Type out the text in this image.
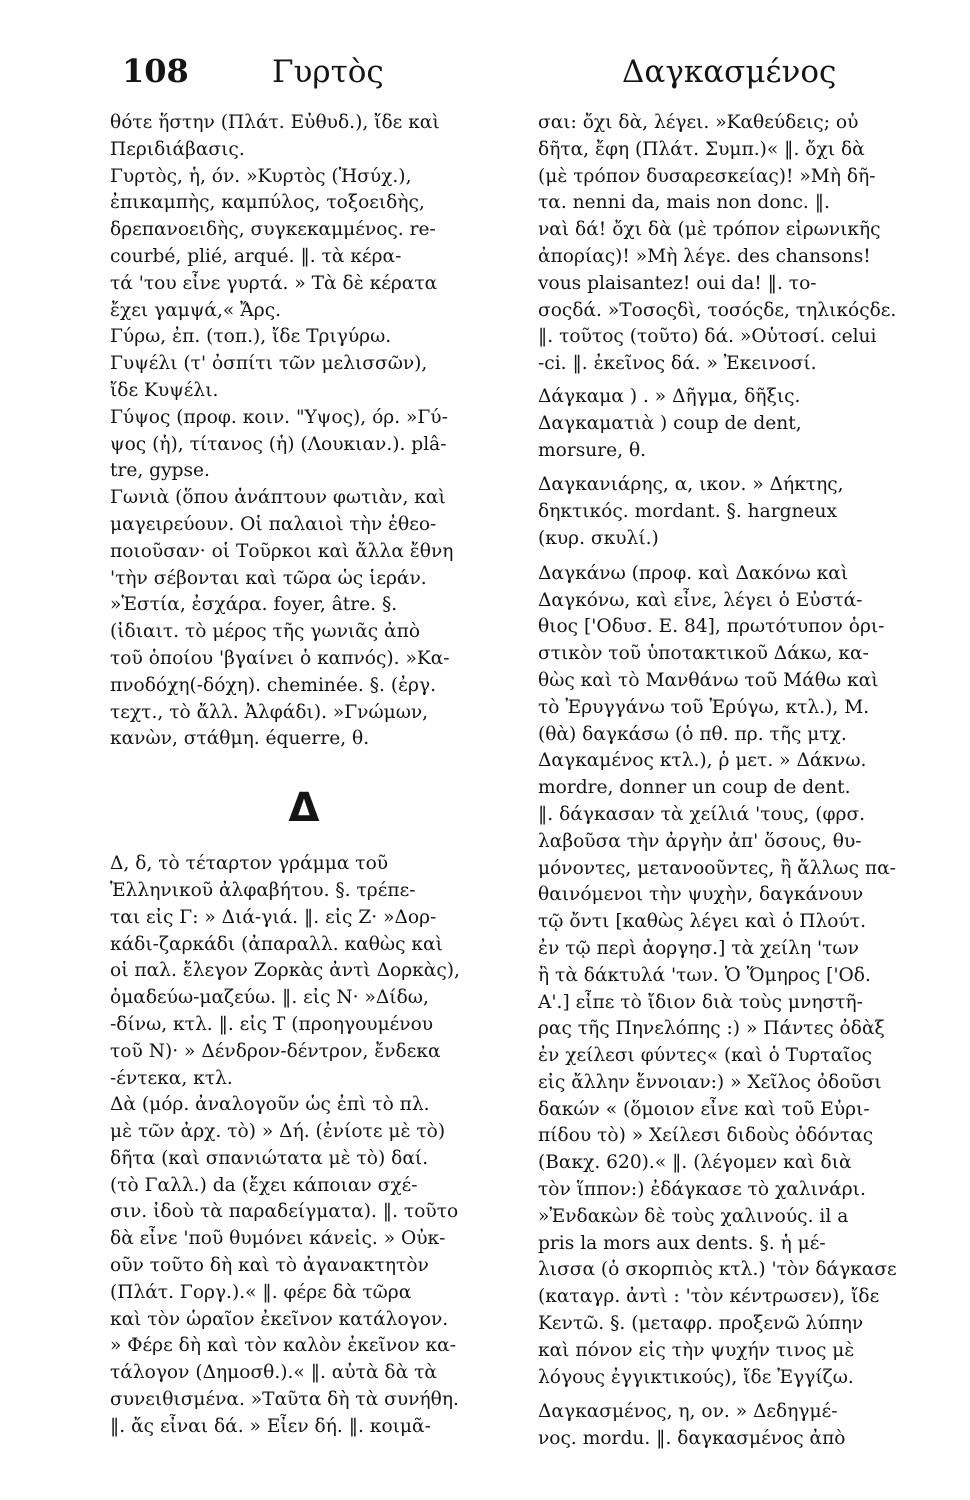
108	Γυρτὸς	Δαγκασμένος
θότε ἥστην (Πλάτ. Εὐθυδ.), ἴδε καὶ
Περιδιάβασις.
Γυρτὸς, ἡ, όν. »Κυρτὸς (Ἡσύχ.),
ἐπικαμπὴς, καμπύλος, τοξοειδὴς,
δρεπανοειδὴς, συγκεκαμμένος. re-
courbé, plié, arqué. ‖. τὰ κέρα-
τά 'του εἶνε γυρτά. » Τὰ δὲ κέρατα
ἔχει γαμψά,« Ἄρς.
Γύρω, ἐπ. (τοπ.), ἴδε Τριγύρω.
Γυψέλι (τ' ὀσπίτι τῶν μελισσῶν),
ἴδε Κυψέλι.
Γύψος (προφ. κοιν. "Υψος), όρ. »Γύ-
ψος (ἡ), τίτανος (ἡ) (Λουκιαν.). plâ-
tre, gypse.
Γωνιὰ (ὅπου ἀνάπτουν φωτιὰν, καὶ
μαγειρεύουν. Οἱ παλαιοὶ τὴν ἐθεο-
ποιοῦσαν· οἱ Τοῦρκοι καὶ ἄλλα ἔθνη
'τὴν σέβονται καὶ τῶρα ὡς ἱεράν.
»Ἑστία, ἐσχάρα. foyer, âtre. §.
(ἰδιαιτ. τὸ μέρος τῆς γωνιᾶς ἀπὸ
τοῦ ὁποίου 'βγαίνει ὁ καπνός). »Κα-
πνοδόχη(-δόχη). cheminée. §. (ἐργ.
τεχτ., τὸ ἄλλ. Ἀλφάδι). »Γνώμων,
κανὼν, στάθμη. équerre, θ.
Δ
Δ, δ, τὸ τέταρτον γράμμα τοῦ
Ἑλληνικοῦ ἀλφαβήτου. §. τρέπε-
ται εἰς Γ: » Διά-γιά. ‖. εἰς Ζ· »Δορ-
κάδι-ζαρκάδι (ἀπαραλλ. καθὼς καὶ
οἱ παλ. ἔλεγον Ζορκὰς ἀντὶ Δορκὰς),
ὁμαδεύω-μαζεύω. ‖. εἰς Ν· »Δίδω,
-δίνω, κτλ. ‖. εἰς Τ (προηγουμένου
τοῦ Ν)· » Δένδρον-δέντρον, ἔνδεκα
-έντεκα, κτλ.
Δὰ (μόρ. ἀναλογοῦν ὡς ἐπὶ τὸ πλ.
μὲ τῶν ἀρχ. τὸ) » Δή. (ἐνίοτε μὲ τὸ)
δῆτα (καὶ σπανιώτατα μὲ τὸ) δαί.
(τὸ Γαλλ.) da (ἔχει κάποιαν σχέ-
σιν. ἰδοὺ τὰ παραδείγματα). ‖. τοῦτο
δὰ εἶνε 'ποῦ θυμόνει κάνεἰς. » Οὐκ-
οῦν τοῦτο δὴ καὶ τὸ ἀγανακτητὸν
(Πλάτ. Γοργ.).« ‖. φέρε δὰ τῶρα
καὶ τὸν ὡραῖον ἐκεῖνον κατάλογον.
» Φέρε δὴ καὶ τὸν καλὸν ἐκεῖνον κα-
τάλογον (Δημοσθ.).« ‖. αὐτὰ δὰ τὰ
συνειθισμένα. »Ταῦτα δὴ τὰ συνήθη.
‖. ἄς εἶναι δά. » Εἶεν δή. ‖. κοιμᾶ-
σαι: ὄχι δὰ, λέγει. »Καθεύδεις; οὐ
δῆτα, ἔφη (Πλάτ. Συμπ.)« ‖. ὄχι δὰ
(μὲ τρόπον δυσαρεσκείας)! »Μὴ δῆ-
τα. nenni da, mais non donc. ‖.
ναὶ δά! ὄχι δὰ (μὲ τρόπον εἰρωνικῆς
ἀπορίας)! »Μὴ λέγε. des chansons!
vous plaisantez! oui da! ‖. το-
σοςδά. »Τοσοςδὶ, τοσόςδε, τηλικόςδε.
‖. τοῦτος (τοῦτο) δά. »Οὑτοσί. celui
-ci. ‖. ἐκεῖνος δά. » Ἐκεινοσί.
Δάγκαμα ) . » Δῆγμα, δῆξις.
Δαγκαματιὰ ) coup de dent,
morsure, θ.
Δαγκανιάρης, α, ικον. » Δήκτης,
δηκτικός. mordant. §. hargneux
(κυρ. σκυλί.)
Δαγκάνω (προφ. καὶ Δακόνω καὶ
Δαγκόνω, καὶ εἶνε, λέγει ὁ Εὐστά-
θιος ['Οδυσ. Ε. 84], πρωτότυπον ὁρι-
στικὸν τοῦ ὑποτακτικοῦ Δάκω, κα-
θὼς καὶ τὸ Μανθάνω τοῦ Μάθω καὶ
τὸ Ἐρυγγάνω τοῦ Ἐρύγω, κτλ.), Μ.
(θὰ) δαγκάσω (ὁ πθ. πρ. τῆς μτχ.
Δαγκαμένος κτλ.), ῥ μετ. » Δάκνω.
mordre, donner un coup de dent.
‖. δάγκασαν τὰ χείλιά 'τους, (φρσ.
λαβοῦσα τὴν ἀργὴν ἀπ' ὅσους, θυ-
μόνοντες, μετανοοῦντες, ἢ ἄλλως πα-
θαινόμενοι τὴν ψυχὴν, δαγκάνουν
τῷ ὄντι [καθὼς λέγει καὶ ὁ Πλούτ.
ἐν τῷ περὶ ἀοργησ.] τὰ χείλη 'των
ἢ τὰ δάκτυλά 'των. Ὁ Ὅμηρος ['Οδ.
Α'.] εἶπε τὸ ἴδιον διὰ τοὺς μνηστῆ-
ρας τῆς Πηνελόπης :) » Πάντες ὀδὰξ
ἐν χείλεσι φύντες« (καὶ ὁ Τυρταῖος
εἰς ἄλλην ἔννοιαν:) » Χεῖλος ὀδοῦσι
δακών « (ὅμοιον εἶνε καὶ τοῦ Εὐρι-
πίδου τὸ) » Χείλεσι διδοὺς ὀδόντας
(Βακχ. 620).« ‖. (λέγομεν καὶ διὰ
τὸν ἵππον:) ἐδάγκασε τὸ χαλινάρι.
»Ἐνδακὼν δὲ τοὺς χαλινούς. il a
pris la mors aux dents. §. ἡ μέ-
λισσα (ὁ σκορπιὸς κτλ.) 'τὸν δάγκασε
(καταγρ. ἀντὶ : 'τὸν κέντρωσεν), ἴδε
Κεντῶ. §. (μεταφρ. προξενῶ λύπην
καὶ πόνον εἰς τὴν ψυχήν τινος μὲ
λόγους ἐγγικτικούς), ἴδε Ἐγγίζω.
Δαγκασμένος, η, ον. » Δεδηγμέ-
νος. mordu. ‖. δαγκασμένος ἀπὸ
